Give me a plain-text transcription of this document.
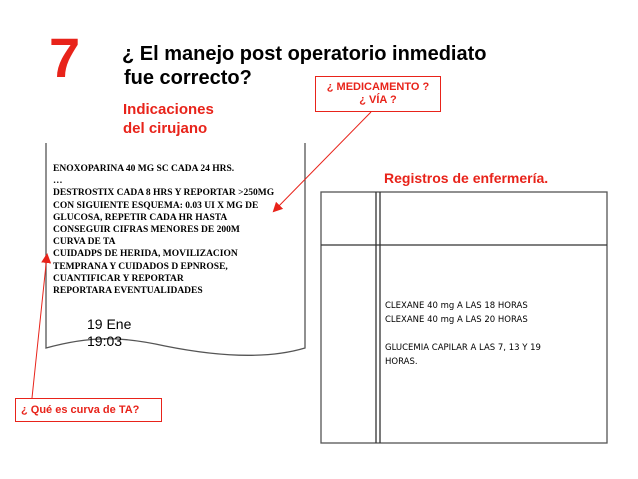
7 ¿ El manejo post operatorio inmediato
fue correcto?
Indicaciones
del cirujano
¿ MEDICAMENTO ?
¿ VÍA ?
ENOXOPARINA 40 MG SC CADA 24 HRS.
…
DESTROSTIX CADA 8 HRS Y REPORTAR >250MG
CON SIGUIENTE ESQUEMA: 0.03 UI X MG DE
GLUCOSA, REPETIR CADA HR HASTA
CONSEGUIR CIFRAS MENORES DE 200M
CURVA DE TA
CUIDADPS DE HERIDA, MOVILIZACION
TEMPRANA Y CUIDADOS D EPNROSE,
CUANTIFICAR Y REPORTAR
REPORTARA EVENTUALIDADES
19 Ene
19:03
Registros de enfermería.
CLEXANE 40 mg A LAS 18 HORAS
CLEXANE 40 mg A LAS 20 HORAS

GLUCEMIA CAPILAR A LAS 7, 13 Y 19
HORAS.
¿ Qué es curva de TA?
